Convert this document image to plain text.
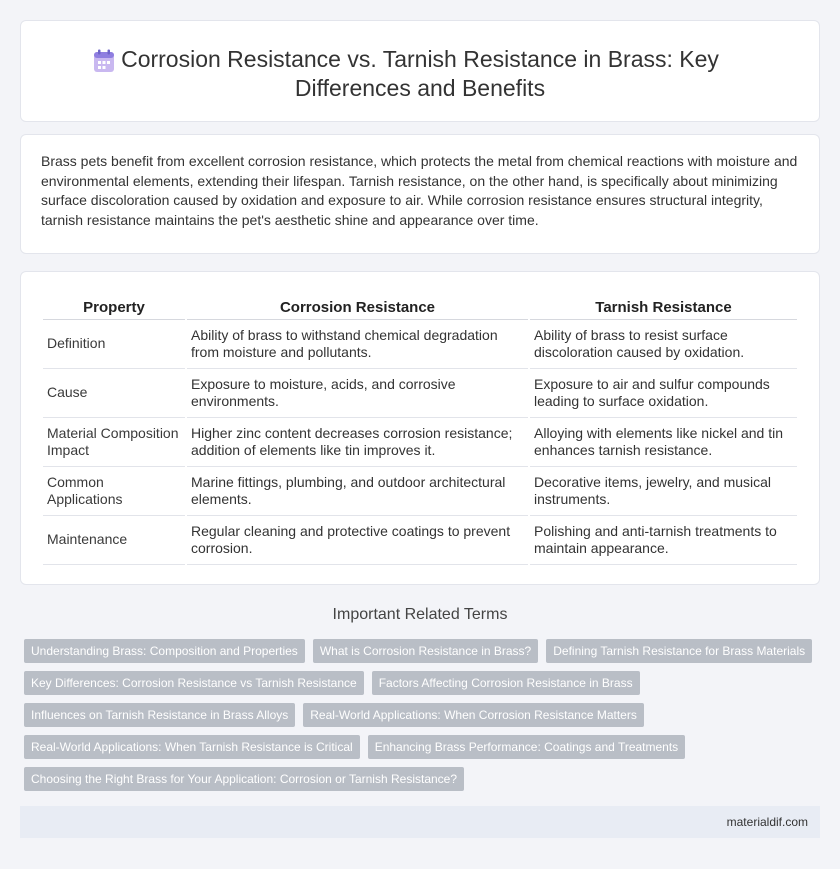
Corrosion Resistance vs. Tarnish Resistance in Brass: Key Differences and Benefits

Brass pets benefit from excellent corrosion resistance, which protects the metal from chemical reactions with moisture and environmental elements, extending their lifespan. Tarnish resistance, on the other hand, is specifically about minimizing surface discoloration caused by oxidation and exposure to air. While corrosion resistance ensures structural integrity, tarnish resistance maintains the pet's aesthetic shine and appearance over time.

Property	Corrosion Resistance	Tarnish Resistance
Definition	Ability of brass to withstand chemical degradation from moisture and pollutants.	Ability of brass to resist surface discoloration caused by oxidation.
Cause	Exposure to moisture, acids, and corrosive environments.	Exposure to air and sulfur compounds leading to surface oxidation.
Material Composition Impact	Higher zinc content decreases corrosion resistance; addition of elements like tin improves it.	Alloying with elements like nickel and tin enhances tarnish resistance.
Common Applications	Marine fittings, plumbing, and outdoor architectural elements.	Decorative items, jewelry, and musical instruments.
Maintenance	Regular cleaning and protective coatings to prevent corrosion.	Polishing and anti-tarnish treatments to maintain appearance.
Important Related Terms
Understanding Brass: Composition and Properties	What is Corrosion Resistance in Brass?	Defining Tarnish Resistance for Brass Materials
Key Differences: Corrosion Resistance vs Tarnish Resistance	Factors Affecting Corrosion Resistance in Brass
Influences on Tarnish Resistance in Brass Alloys	Real-World Applications: When Corrosion Resistance Matters
Real-World Applications: When Tarnish Resistance is Critical	Enhancing Brass Performance: Coatings and Treatments
Choosing the Right Brass for Your Application: Corrosion or Tarnish Resistance?
materialdif.com
